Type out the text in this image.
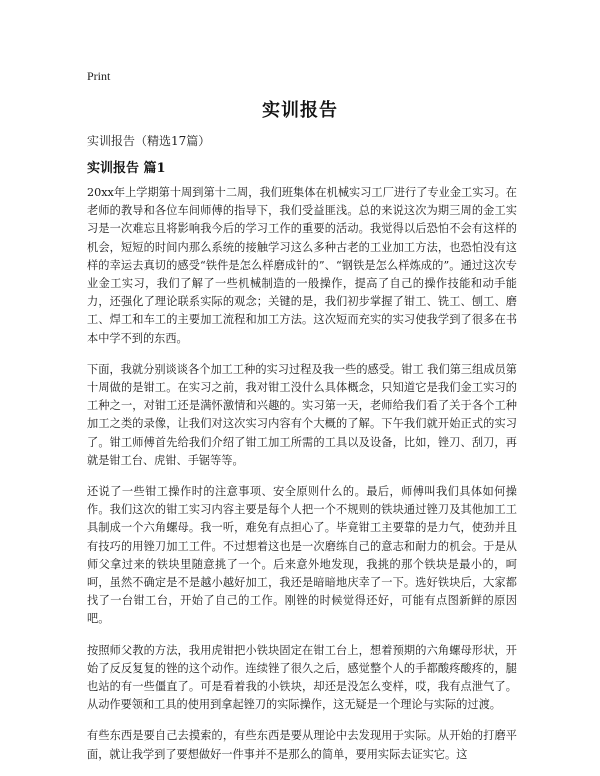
Print
实训报告
实训报告（精选17篇）
实训报告 篇1

20xx年上学期第十周到第十二周，我们班集体在机械实习工厂进行了专业金工实习。在老师的教导和各位车间师傅的指导下，我们受益匪浅。总的来说这次为期三周的金工实习是一次难忘且将影响我今后的学习工作的重要的活动。我觉得以后恐怕不会有这样的机会，短短的时间内那么系统的接触学习这么多种古老的工业加工方法，也恐怕没有这样的幸运去真切的感受“铁件是怎么样磨成针的”、“钢铁是怎么样炼成的”。通过这次专业金工实习，我们了解了一些机械制造的一般操作，提高了自己的操作技能和动手能力，还强化了理论联系实际的观念；关键的是，我们初步掌握了钳工、铣工、刨工、磨工、焊工和车工的主要加工流程和加工方法。这次短而充实的实习使我学到了很多在书本中学不到的东西。

下面，我就分别谈谈各个加工工种的实习过程及我一些的感受。钳工 我们第三组成员第十周做的是钳工。在实习之前，我对钳工没什么具体概念，只知道它是我们金工实习的工种之一，对钳工还是满怀激情和兴趣的。实习第一天，老师给我们看了关于各个工种加工之类的录像，让我们对这次实习内容有个大概的了解。下午我们就开始正式的实习了。钳工师傅首先给我们介绍了钳工加工所需的工具以及设备，比如，锉刀、刮刀，再就是钳工台、虎钳、手锯等等。

还说了一些钳工操作时的注意事项、安全原则什么的。最后，师傅叫我们具体如何操作。我们这次的钳工实习内容主要是每个人把一个不规则的铁块通过锉刀及其他加工工具制成一个六角螺母。我一听，难免有点担心了。毕竟钳工主要靠的是力气，使劲并且有技巧的用锉刀加工工件。不过想着这也是一次磨练自己的意志和耐力的机会。于是从师父拿过来的铁块里随意挑了一个。后来意外地发现，我挑的那个铁块是最小的，呵呵，虽然不确定是不是越小越好加工，我还是暗暗地庆幸了一下。选好铁块后，大家都找了一台钳工台，开始了自己的工作。刚锉的时候觉得还好，可能有点图新鲜的原因吧。

按照师父教的方法，我用虎钳把小铁块固定在钳工台上，想着预期的六角螺母形状，开始了反反复复的锉的这个动作。连续锉了很久之后，感觉整个人的手都酸疼酸疼的，腿也站的有一些僵直了。可是看着我的小铁块，却还是没怎么变样，哎，我有点泄气了。从动作要领和工具的使用到拿起锉刀的实际操作，这无疑是一个理论与实际的过渡。

有些东西是要自己去摸索的，有些东西是要从理论中去发现用于实际。从开始的打磨平面，就让我学到了要想做好一件事并不是那么的简单，要用实际去证实它。这
